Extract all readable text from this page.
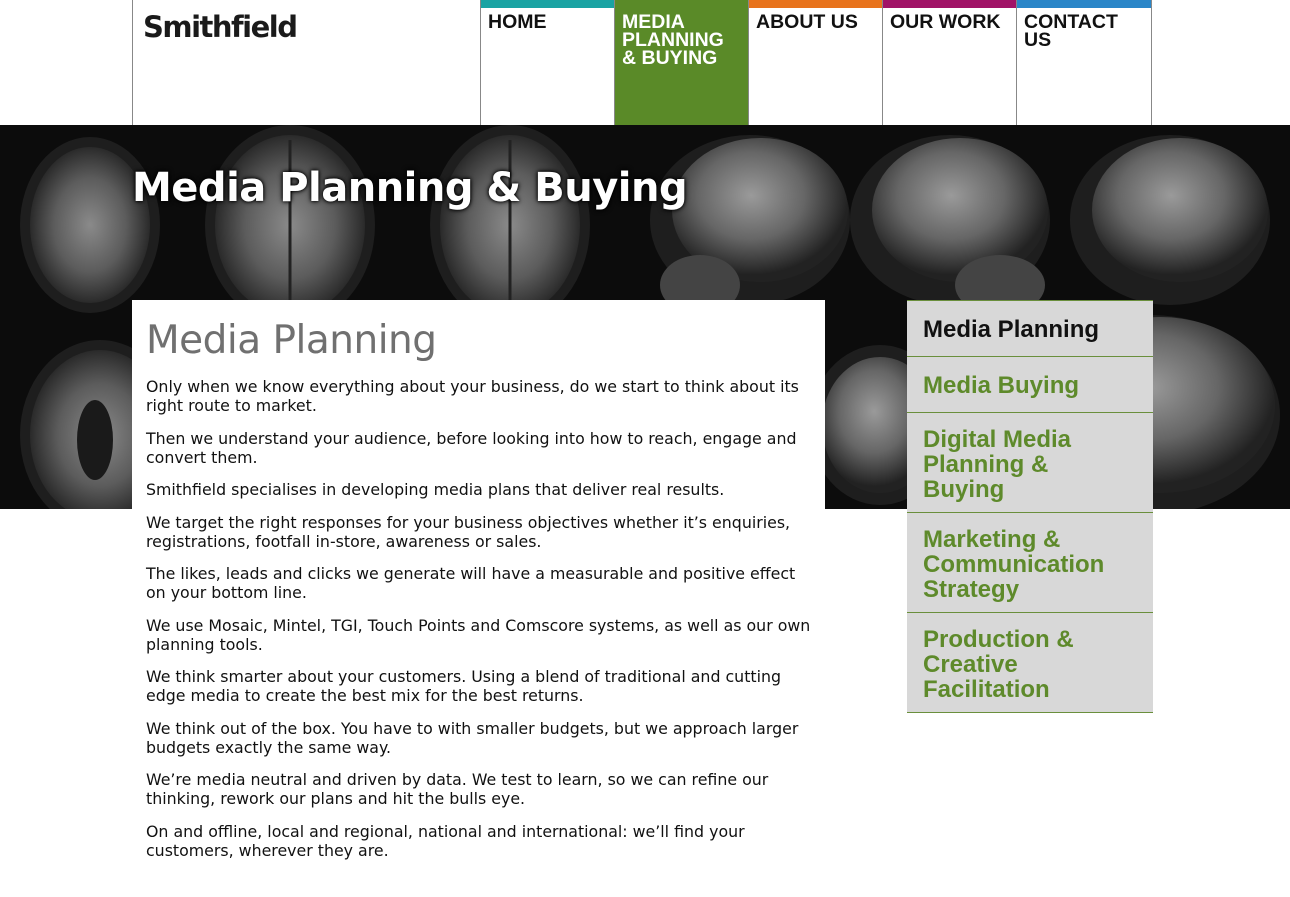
Smithfield	HOME	MEDIA
PLANNING
& BUYING
ABOUT US	OUR WORK	CONTACT
US
Media Planning & Buying
Media Planning

Only when we know everything about your business, do we start to think about its right route to market.

Then we understand your audience, before looking into how to reach, engage and convert them.

Smithfield specialises in developing media plans that deliver real results.

We target the right responses for your business objectives whether it’s enquiries, registrations, footfall in-store, awareness or sales.

The likes, leads and clicks we generate will have a measurable and positive effect on your bottom line.

We use Mosaic, Mintel, TGI, Touch Points and Comscore systems, as well as our own planning tools.

We think smarter about your customers. Using a blend of traditional and cutting edge media to create the best mix for the best returns.

We think out of the box. You have to with smaller budgets, but we approach larger budgets exactly the same way.

We’re media neutral and driven by data. We test to learn, so we can refine our thinking, rework our plans and hit the bulls eye.

On and offline, local and regional, national and international: we’ll find your customers, wherever they are.

Media Planning
Media Buying
Digital Media
Planning &
Buying
Marketing &
Communication
Strategy
Production &
Creative
Facilitation
